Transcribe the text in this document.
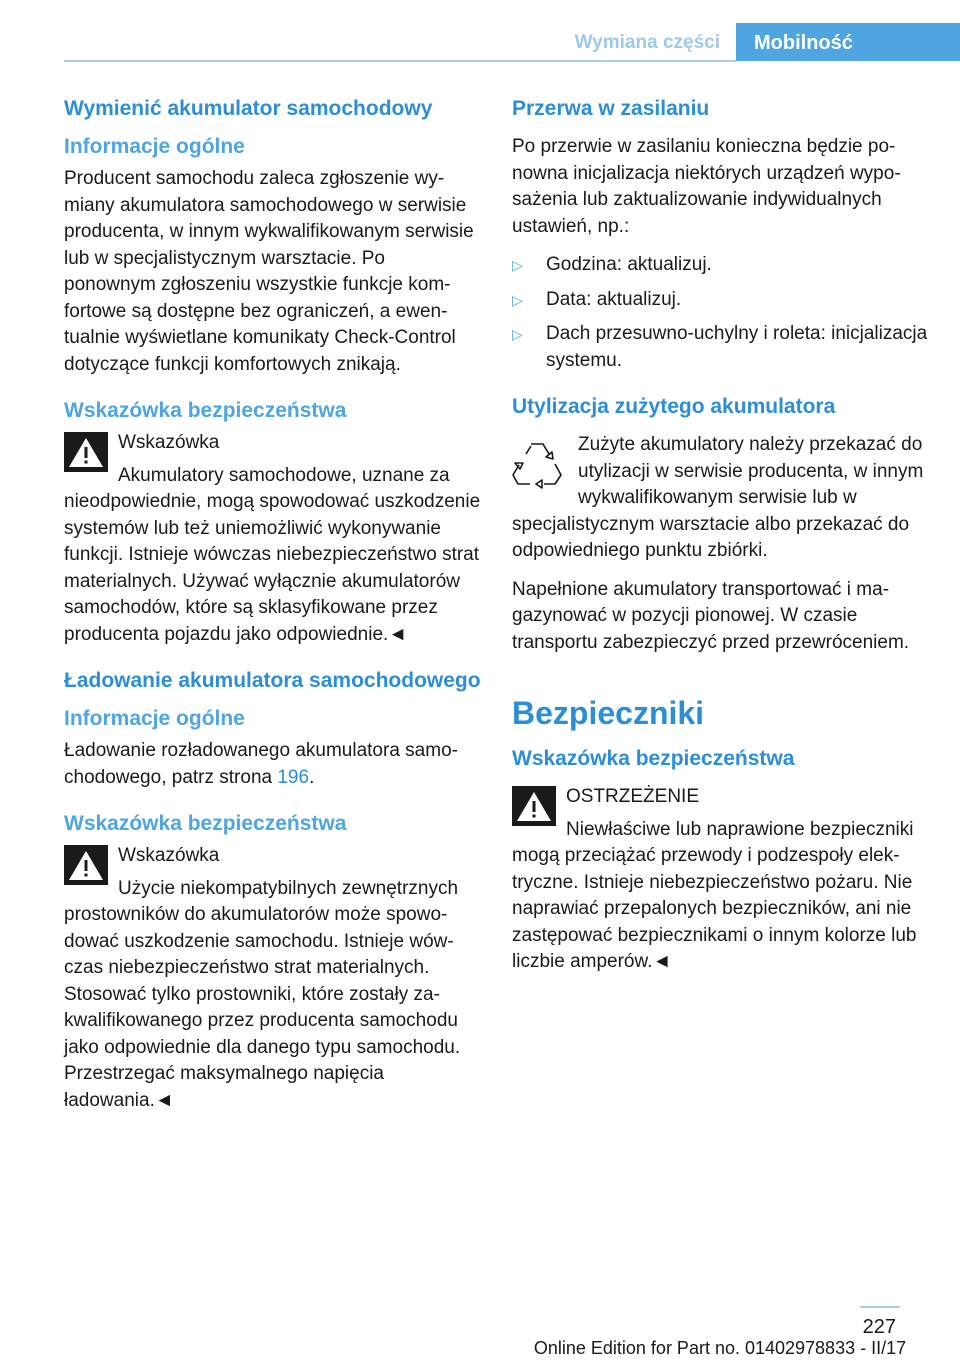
Wymiana części	Mobilność
Wymienić akumulator samochodowy
Informacje ogólne

Producent samochodu zaleca zgłoszenie wymiany akumulatora samochodowego w serwisie producenta, w innym wykwalifikowanym serwisie lub w specjalistycznym warsztacie. Po ponownym zgłoszeniu wszystkie funkcje komfortowe są dostępne bez ograniczeń, a ewentualnie wyświetlane komunikaty Check-Control dotyczące funkcji komfortowych znikają.

Wskazówka bezpieczeństwa

Wskazówka

Akumulatory samochodowe, uznane za nieodpowiednie, mogą spowodować uszkodzenie systemów lub też uniemożliwić wykonywanie funkcji. Istnieje wówczas niebezpieczeństwo strat materialnych. Używać wyłącznie akumulatorów samochodów, które są sklasyfikowane przez producenta pojazdu jako odpowiednie.◄

Ładowanie akumulatora samochodowego
Informacje ogólne

Ładowanie rozładowanego akumulatora samochodowego, patrz strona 196.

Wskazówka bezpieczeństwa

Wskazówka

Użycie niekompatybilnych zewnętrznych prostowników do akumulatorów może spowodować uszkodzenie samochodu. Istnieje wówczas niebezpieczeństwo strat materialnych. Stosować tylko prostowniki, które zostały zakwalifikowanego przez producenta samochodu jako odpowiednie dla danego typu samochodu. Przestrzegać maksymalnego napięcia ładowania.◄

Przerwa w zasilaniu

Po przerwie w zasilaniu konieczna będzie ponowna inicjalizacja niektórych urządzeń wyposażenia lub zaktualizowanie indywidualnych ustawień, np.:

▷ Godzina: aktualizuj.
▷ Data: aktualizuj.
▷ Dach przesuwno-uchylny i roleta: inicjalizacja systemu.
Utylizacja zużytego akumulatora

Zużyte akumulatory należy przekazać do utylizacji w serwisie producenta, w innym wykwalifikowanym serwisie lub w specjalistycznym warsztacie albo przekazać do odpowiedniego punktu zbiórki.

Napełnione akumulatory transportować i magazynować w pozycji pionowej. W czasie transportu zabezpieczyć przed przewróceniem.

Bezpieczniki
Wskazówka bezpieczeństwa

OSTRZEŻENIE

Niewłaściwe lub naprawione bezpieczniki mogą przeciążać przewody i podzespoły elektryczne. Istnieje niebezpieczeństwo pożaru. Nie naprawiać przepalonych bezpieczników, ani nie zastępować bezpiecznikami o innym kolorze lub liczbie amperów.◄

227
Online Edition for Part no. 01402978833 - II/17
